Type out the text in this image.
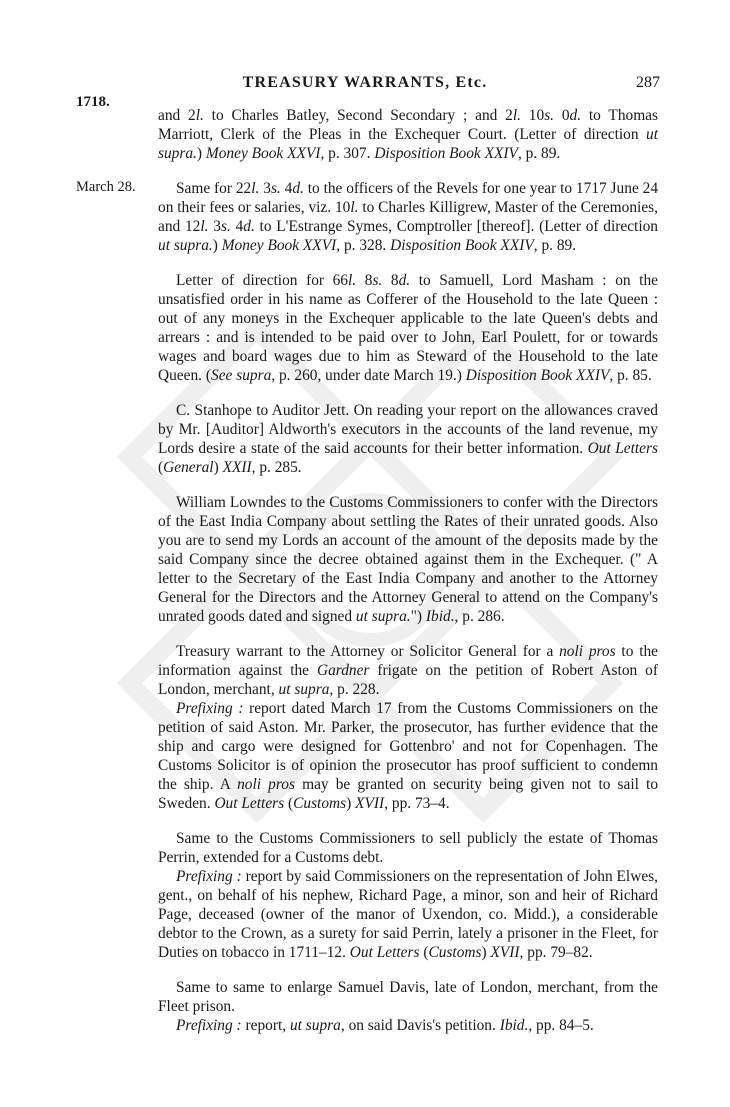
TREASURY WARRANTS, Etc.	287
1718.
March 28.

and 2l. to Charles Batley, Second Secondary ; and 2l. 10s. 0d. to Thomas Marriott, Clerk of the Pleas in the Exchequer Court. (Letter of direction ut supra.) Money Book XXVI, p. 307. Disposition Book XXIV, p. 89.

Same for 22l. 3s. 4d. to the officers of the Revels for one year to 1717 June 24 on their fees or salaries, viz. 10l. to Charles Killigrew, Master of the Ceremonies, and 12l. 3s. 4d. to L'Estrange Symes, Comptroller [thereof]. (Letter of direction ut supra.) Money Book XXVI, p. 328. Disposition Book XXIV, p. 89.

Letter of direction for 66l. 8s. 8d. to Samuell, Lord Masham : on the unsatisfied order in his name as Cofferer of the Household to the late Queen : out of any moneys in the Exchequer applicable to the late Queen's debts and arrears : and is intended to be paid over to John, Earl Poulett, for or towards wages and board wages due to him as Steward of the Household to the late Queen. (See supra, p. 260, under date March 19.) Disposition Book XXIV, p. 85.

C. Stanhope to Auditor Jett. On reading your report on the allowances craved by Mr. [Auditor] Aldworth's executors in the accounts of the land revenue, my Lords desire a state of the said accounts for their better information. Out Letters (General) XXII, p. 285.

William Lowndes to the Customs Commissioners to confer with the Directors of the East India Company about settling the Rates of their unrated goods. Also you are to send my Lords an account of the amount of the deposits made by the said Company since the decree obtained against them in the Exchequer. (" A letter to the Secretary of the East India Company and another to the Attorney General for the Directors and the Attorney General to attend on the Company's unrated goods dated and signed ut supra.") Ibid., p. 286.

Treasury warrant to the Attorney or Solicitor General for a noli pros to the information against the Gardner frigate on the petition of Robert Aston of London, merchant, ut supra, p. 228.

Prefixing : report dated March 17 from the Customs Commissioners on the petition of said Aston. Mr. Parker, the prosecutor, has further evidence that the ship and cargo were designed for Gottenbro' and not for Copenhagen. The Customs Solicitor is of opinion the prosecutor has proof sufficient to condemn the ship. A noli pros may be granted on security being given not to sail to Sweden. Out Letters (Customs) XVII, pp. 73–4.

Same to the Customs Commissioners to sell publicly the estate of Thomas Perrin, extended for a Customs debt.

Prefixing : report by said Commissioners on the representation of John Elwes, gent., on behalf of his nephew, Richard Page, a minor, son and heir of Richard Page, deceased (owner of the manor of Uxendon, co. Midd.), a considerable debtor to the Crown, as a surety for said Perrin, lately a prisoner in the Fleet, for Duties on tobacco in 1711–12. Out Letters (Customs) XVII, pp. 79–82.

Same to same to enlarge Samuel Davis, late of London, merchant, from the Fleet prison.

Prefixing : report, ut supra, on said Davis's petition. Ibid., pp. 84–5.
